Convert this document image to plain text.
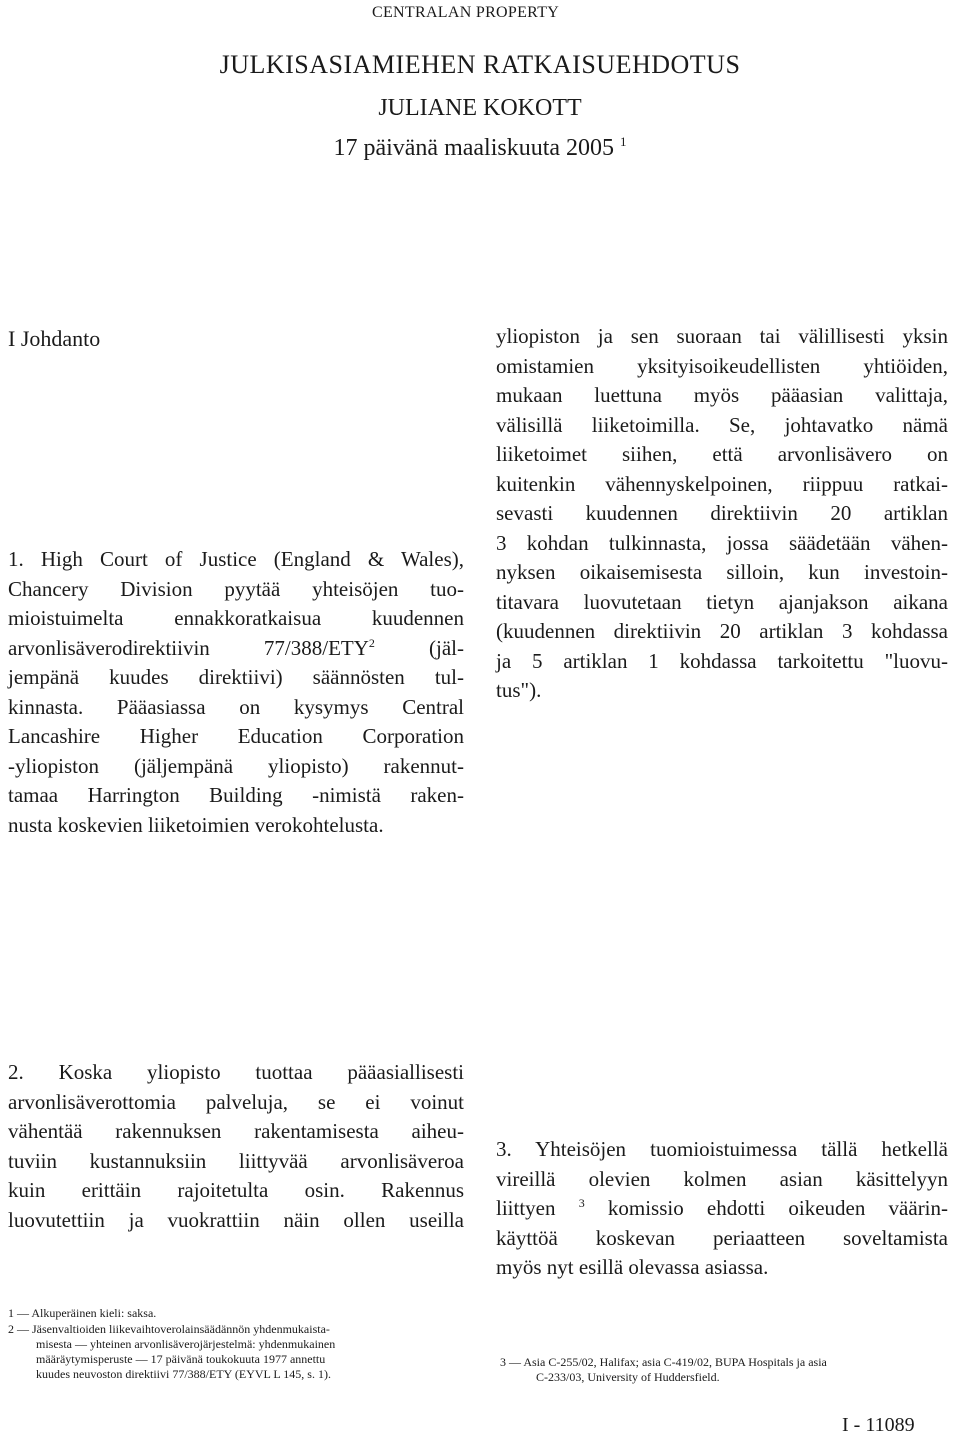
CENTRALAN PROPERTY
JULKISASIAMIEHEN RATKAISUEHDOTUS
JULIANE KOKOTT
17 päivänä maaliskuuta 2005 $^1$
I Johdanto
1. High Court of Justice (England & Wales),
Chancery Division pyytää yhteisöjen tuo-
mioistuimelta ennakkoratkaisua kuudennen
arvonlisäverodirektiivin 77/388/ETY$^2$	(jäl-
jempänä kuudes direktiivi) säännösten tul-
kinnasta. Pääasiassa on kysymys Central
Lancashire Higher Education Corporation
-yliopiston (jäljempänä yliopisto) rakennut-
tamaa Harrington Building -nimistä raken-
nusta koskevien liiketoimien verokohtelusta.
yliopiston ja sen suoraan tai välillisesti yksin
omistamien yksityisoikeudellisten yhtiöiden,
mukaan luettuna myös pääasian valittaja,
välisillä liiketoimilla. Se, johtavatko nämä
liiketoimet siihen, että arvonlisävero on
kuitenkin vähennyskelpoinen, riippuu ratkai-
sevasti kuudennen direktiivin 20 artiklan
3 kohdan tulkinnasta, jossa säädetään vähen-
nyksen oikaisemisesta silloin, kun investoin-
titavara luovutetaan tietyn ajanjakson aikana
(kuudennen direktiivin 20 artiklan 3 kohdassa
ja 5 artiklan 1 kohdassa tarkoitettu "luovu-
tus").
2. Koska yliopisto tuottaa pääasiallisesti
arvonlisäverottomia palveluja, se ei voinut
vähentää rakennuksen rakentamisesta aiheu-
tuviin kustannuksiin liittyvää arvonlisäveroa
kuin erittäin rajoitetulta osin. Rakennus
luovutettiin ja vuokrattiin näin ollen useilla
3. Yhteisöjen tuomioistuimessa tällä hetkellä
vireillä olevien kolmen asian käsittelyyn
liittyen $^3$ komissio ehdotti oikeuden väärin-
käyttöä koskevan periaatteen soveltamista
myös nyt esillä olevassa asiassa.
1 — Alkuperäinen kieli: saksa.
2 — Jäsenvaltioiden liikevaihtoverolainsäädännön yhdenmukaista-
misesta — yhteinen arvonlisäverojärjestelmä: yhdenmukainen
määräytymisperuste — 17 päivänä toukokuuta 1977 annettu
kuudes neuvoston direktiivi 77/388/ETY (EYVL L 145, s. 1).
3 — Asia C-255/02, Halifax; asia C-419/02, BUPA Hospitals ja asia
C-233/03, University of Huddersfield.
I - 11089
